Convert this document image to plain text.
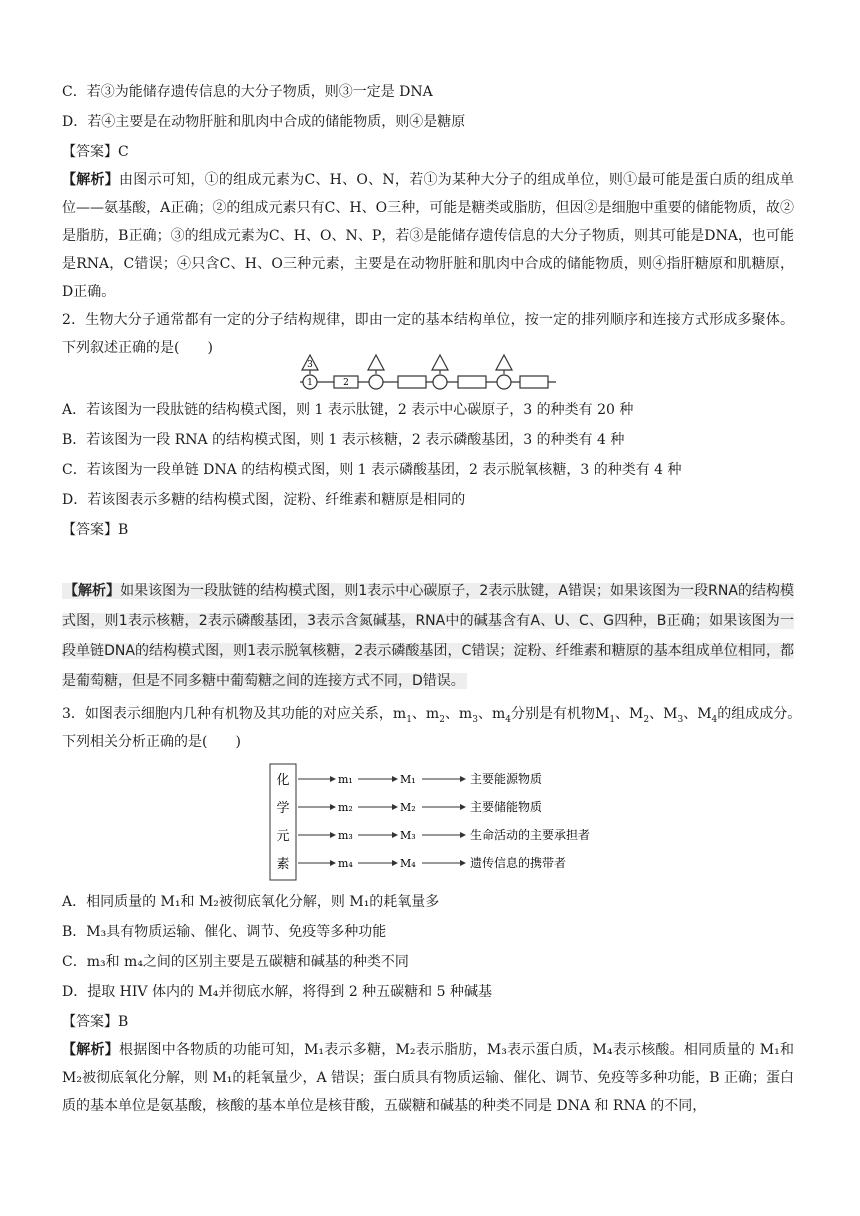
C．若③为能储存遗传信息的大分子物质，则③一定是 DNA
D．若④主要是在动物肝脏和肌肉中合成的储能物质，则④是糖原
【答案】C
【解析】由图示可知，①的组成元素为C、H、O、N，若①为某种大分子的组成单位，则①最可能是蛋白质的组成单位——氨基酸，A正确；②的组成元素只有C、H、O三种，可能是糖类或脂肪，但因②是细胞中重要的储能物质，故②是脂肪，B正确；③的组成元素为C、H、O、N、P，若③是能储存遗传信息的大分子物质，则其可能是DNA，也可能是RNA，C错误；④只含C、H、O三种元素，主要是在动物肝脏和肌肉中合成的储能物质，则④指肝糖原和肌糖原，D正确。
2．生物大分子通常都有一定的分子结构规律，即由一定的基本结构单位，按一定的排列顺序和连接方式形成多聚体。下列叙述正确的是(　　)
3
1	2
A．若该图为一段肽链的结构模式图，则 1 表示肽键，2 表示中心碳原子，3 的种类有 20 种
B．若该图为一段 RNA 的结构模式图，则 1 表示核糖，2 表示磷酸基团，3 的种类有 4 种
C．若该图为一段单链 DNA 的结构模式图，则 1 表示磷酸基团，2 表示脱氧核糖，3 的种类有 4 种
D．若该图表示多糖的结构模式图，淀粉、纤维素和糖原是相同的
【答案】B
【解析】如果该图为一段肽链的结构模式图，则1表示中心碳原子，2表示肽键，A错误；如果该图为一段RNA的结构模式图，则1表示核糖，2表示磷酸基团，3表示含氮碱基，RNA中的碱基含有A、U、C、G四种，B正确；如果该图为一段单链DNA的结构模式图，则1表示脱氧核糖，2表示磷酸基团，C错误；淀粉、纤维素和糖原的基本组成单位相同，都是葡萄糖，但是不同多糖中葡萄糖之间的连接方式不同，D错误。
3．如图表示细胞内几种有机物及其功能的对应关系，$m_1$、$m_2$、$m_3$、$m_4$分别是有机物$M_1$、$M_2$、$M_3$、$M_4$的组成成分。
下列相关分析正确的是(　　)
化
学
元
素
m₁	M₁	主要能源物质
m₂	M₂	主要储能物质
m₃	M₃	生命活动的主要承担者
m₄	M₄	遗传信息的携带者
A．相同质量的 M₁和 M₂被彻底氧化分解，则 M₁的耗氧量多
B．M₃具有物质运输、催化、调节、免疫等多种功能
C．m₃和 m₄之间的区别主要是五碳糖和碱基的种类不同
D．提取 HIV 体内的 M₄并彻底水解，将得到 2 种五碳糖和 5 种碱基
【答案】B
【解析】根据图中各物质的功能可知，M₁表示多糖，M₂表示脂肪，M₃表示蛋白质，M₄表示核酸。相同质量的 M₁和 M₂被彻底氧化分解，则 M₁的耗氧量少，A 错误；蛋白质具有物质运输、催化、调节、免疫等多种功能，B 正确；蛋白质的基本单位是氨基酸，核酸的基本单位是核苷酸，五碳糖和碱基的种类不同是 DNA 和 RNA 的不同，
